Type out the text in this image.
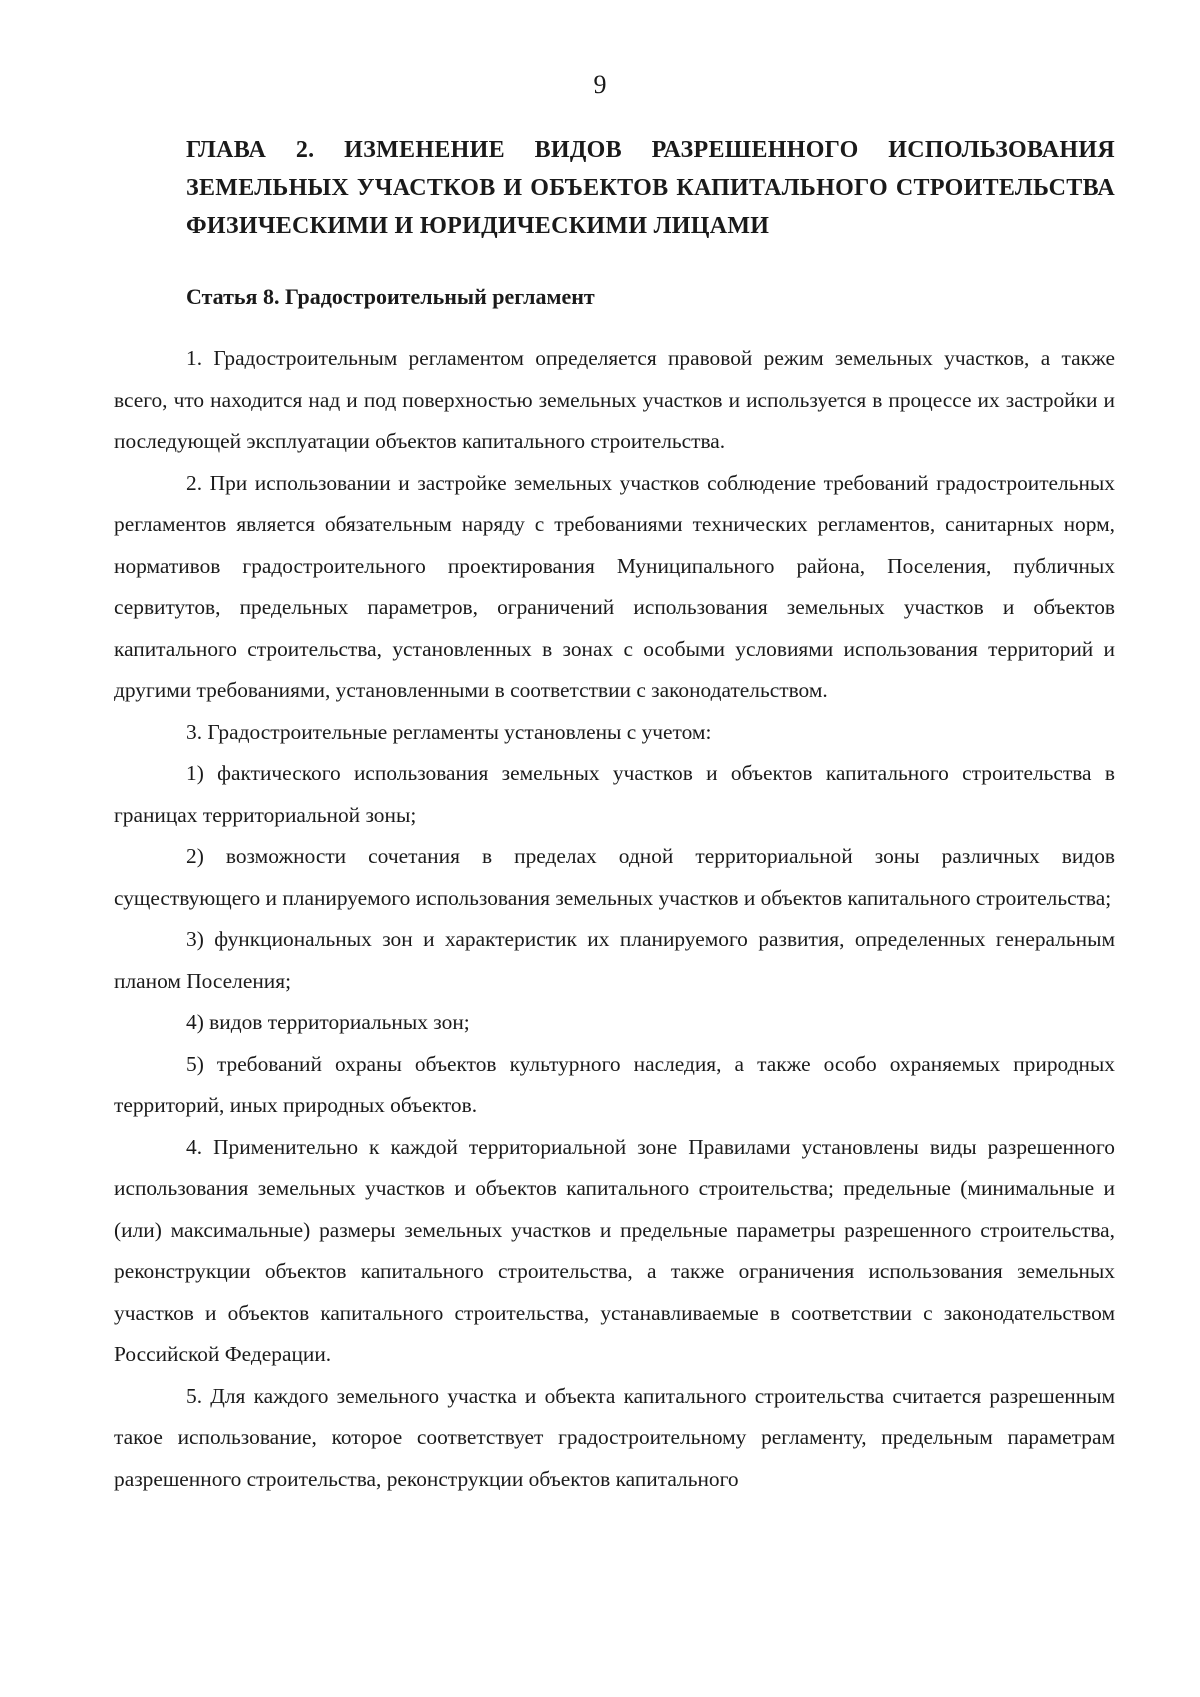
9
ГЛАВА 2. ИЗМЕНЕНИЕ ВИДОВ РАЗРЕШЕННОГО ИСПОЛЬЗОВАНИЯ
ЗЕМЕЛЬНЫХ УЧАСТКОВ И ОБЪЕКТОВ КАПИТАЛЬНОГО СТРОИТЕЛЬСТВА
ФИЗИЧЕСКИМИ И ЮРИДИЧЕСКИМИ ЛИЦАМИ
Статья 8. Градостроительный регламент

1. Градостроительным регламентом определяется правовой режим земельных участков, а также всего, что находится над и под поверхностью земельных участков и используется в процессе их застройки и последующей эксплуатации объектов капитального строительства.

2. При использовании и застройке земельных участков соблюдение требований градостроительных регламентов является обязательным наряду с требованиями технических регламентов, санитарных норм, нормативов градостроительного проектирования Муниципального района, Поселения, публичных сервитутов, предельных параметров, ограничений использования земельных участков и объектов капитального строительства, установленных в зонах с особыми условиями использования территорий и другими требованиями, установленными в соответствии с законодательством.

3. Градостроительные регламенты установлены с учетом:

1) фактического использования земельных участков и объектов капитального строительства в границах территориальной зоны;

2) возможности сочетания в пределах одной территориальной зоны различных видов существующего и планируемого использования земельных участков и объектов капитального строительства;

3) функциональных зон и характеристик их планируемого развития, определенных генеральным планом Поселения;

4) видов территориальных зон;

5) требований охраны объектов культурного наследия, а также особо охраняемых природных территорий, иных природных объектов.

4. Применительно к каждой территориальной зоне Правилами установлены виды разрешенного использования земельных участков и объектов капитального строительства; предельные (минимальные и (или) максимальные) размеры земельных участков и предельные параметры разрешенного строительства, реконструкции объектов капитального строительства, а также ограничения использования земельных участков и объектов капитального строительства, устанавливаемые в соответствии с законодательством Российской Федерации.

5. Для каждого земельного участка и объекта капитального строительства считается разрешенным такое использование, которое соответствует градостроительному регламенту, предельным параметрам разрешенного строительства, реконструкции объектов капитального
